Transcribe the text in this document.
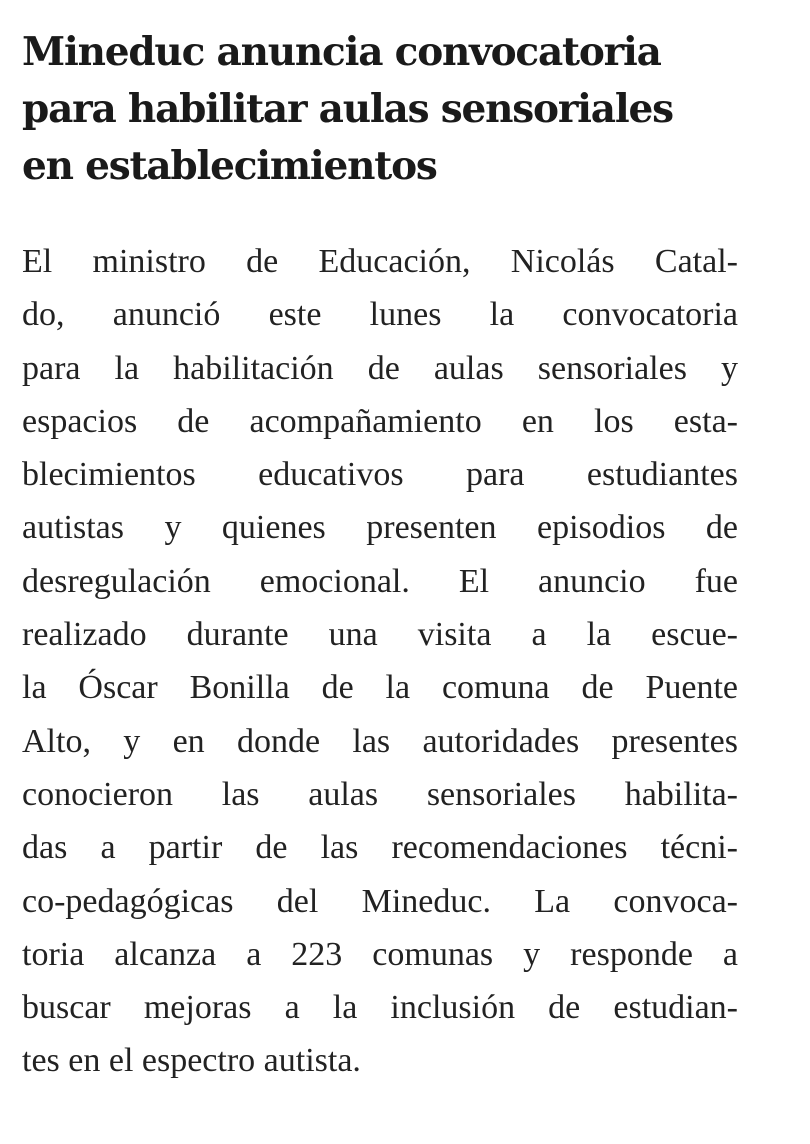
Mineduc anuncia convocatoria
para habilitar aulas sensoriales
en establecimientos
El ministro de Educación, Nicolás Catal-
do, anunció este lunes la convocatoria
para la habilitación de aulas sensoriales y
espacios de acompañamiento en los esta-
blecimientos educativos para estudiantes
autistas y quienes presenten episodios de
desregulación emocional. El anuncio fue
realizado durante una visita a la escue-
la Óscar Bonilla de la comuna de Puente
Alto, y en donde las autoridades presentes
conocieron las aulas sensoriales habilita-
das a partir de las recomendaciones técni-
co-pedagógicas del Mineduc. La convoca-
toria alcanza a 223 comunas y responde a
buscar mejoras a la inclusión de estudian-
tes en el espectro autista.
